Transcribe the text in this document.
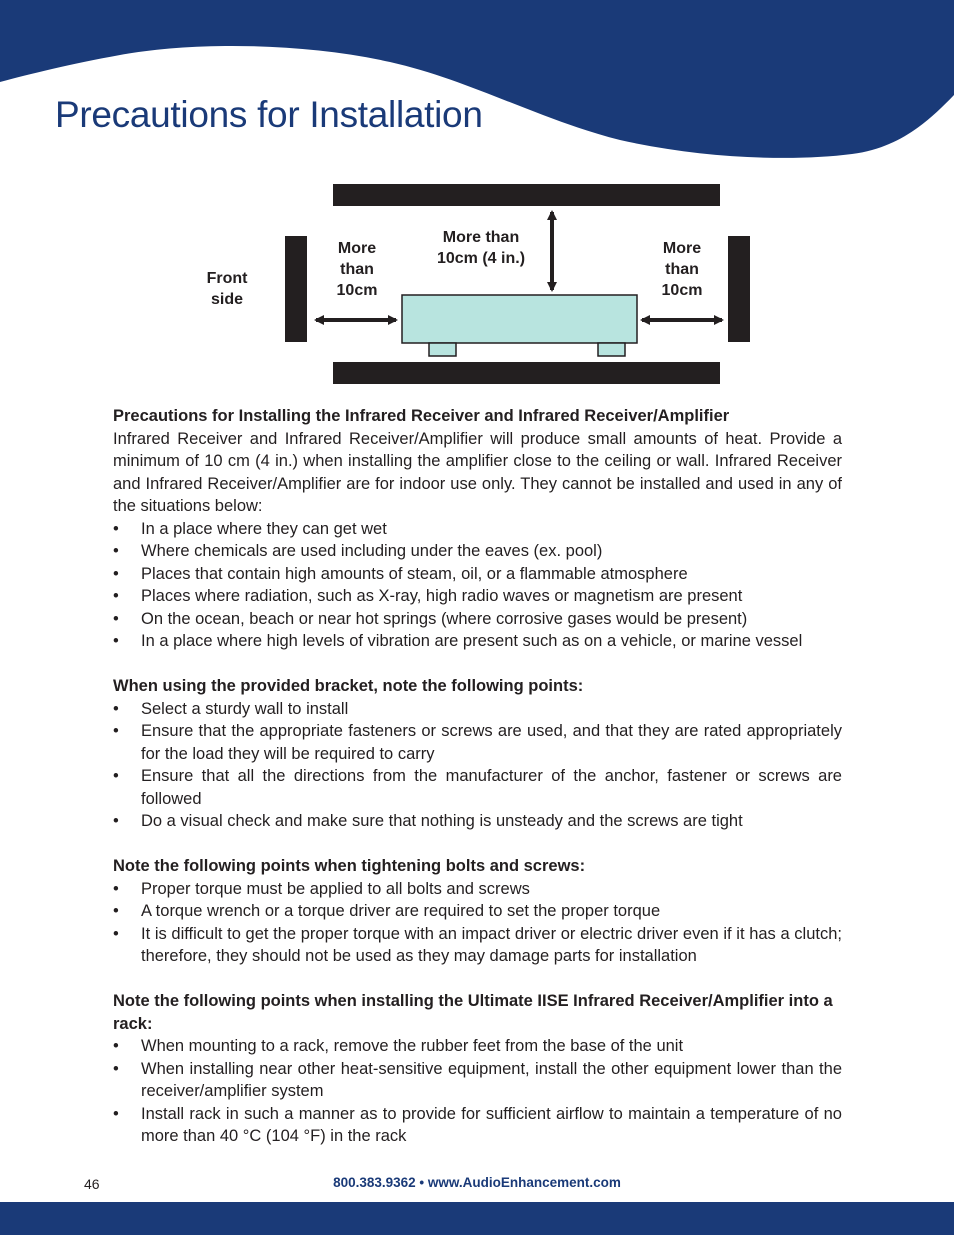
Precautions for Installation
Front
side
More
than
10cm
More than
10cm (4 in.)
More
than
10cm

Precautions for Installing the Infrared Receiver and Infrared Receiver/Amplifier

Infrared Receiver and Infrared Receiver/Amplifier will produce small amounts of heat. Provide a minimum of 10 cm (4 in.) when installing the amplifier close to the ceiling or wall. Infrared Receiver and Infrared Receiver/Amplifier are for indoor use only. They cannot be installed and used in any of the situations below:

• In a place where they can get wet
• Where chemicals are used including under the eaves (ex. pool)
• Places that contain high amounts of steam, oil, or a flammable atmosphere
• Places where radiation, such as X-ray, high radio waves or magnetism are present
• On the ocean, beach or near hot springs (where corrosive gases would be present)
• In a place where high levels of vibration are present such as on a vehicle, or marine vessel

When using the provided bracket, note the following points:

• Select a sturdy wall to install
• Ensure that the appropriate fasteners or screws are used, and that they are rated appropriately for the load they will be required to carry
• Ensure that all the directions from the manufacturer of the anchor, fastener or screws are followed
• Do a visual check and make sure that nothing is unsteady and the screws are tight

Note the following points when tightening bolts and screws:

• Proper torque must be applied to all bolts and screws
• A torque wrench or a torque driver are required to set the proper torque
• It is difficult to get the proper torque with an impact driver or electric driver even if it has a clutch; therefore, they should not be used as they may damage parts for installation

Note the following points when installing the Ultimate IISE Infrared Receiver/Amplifier into a rack:

• When mounting to a rack, remove the rubber feet from the base of the unit
• When installing near other heat-sensitive equipment, install the other equipment lower than the receiver/amplifier system
• Install rack in such a manner as to provide for sufficient airflow to maintain a temperature of no more than 40 °C (104 °F) in the rack
46	800.383.9362 • www.AudioEnhancement.com
